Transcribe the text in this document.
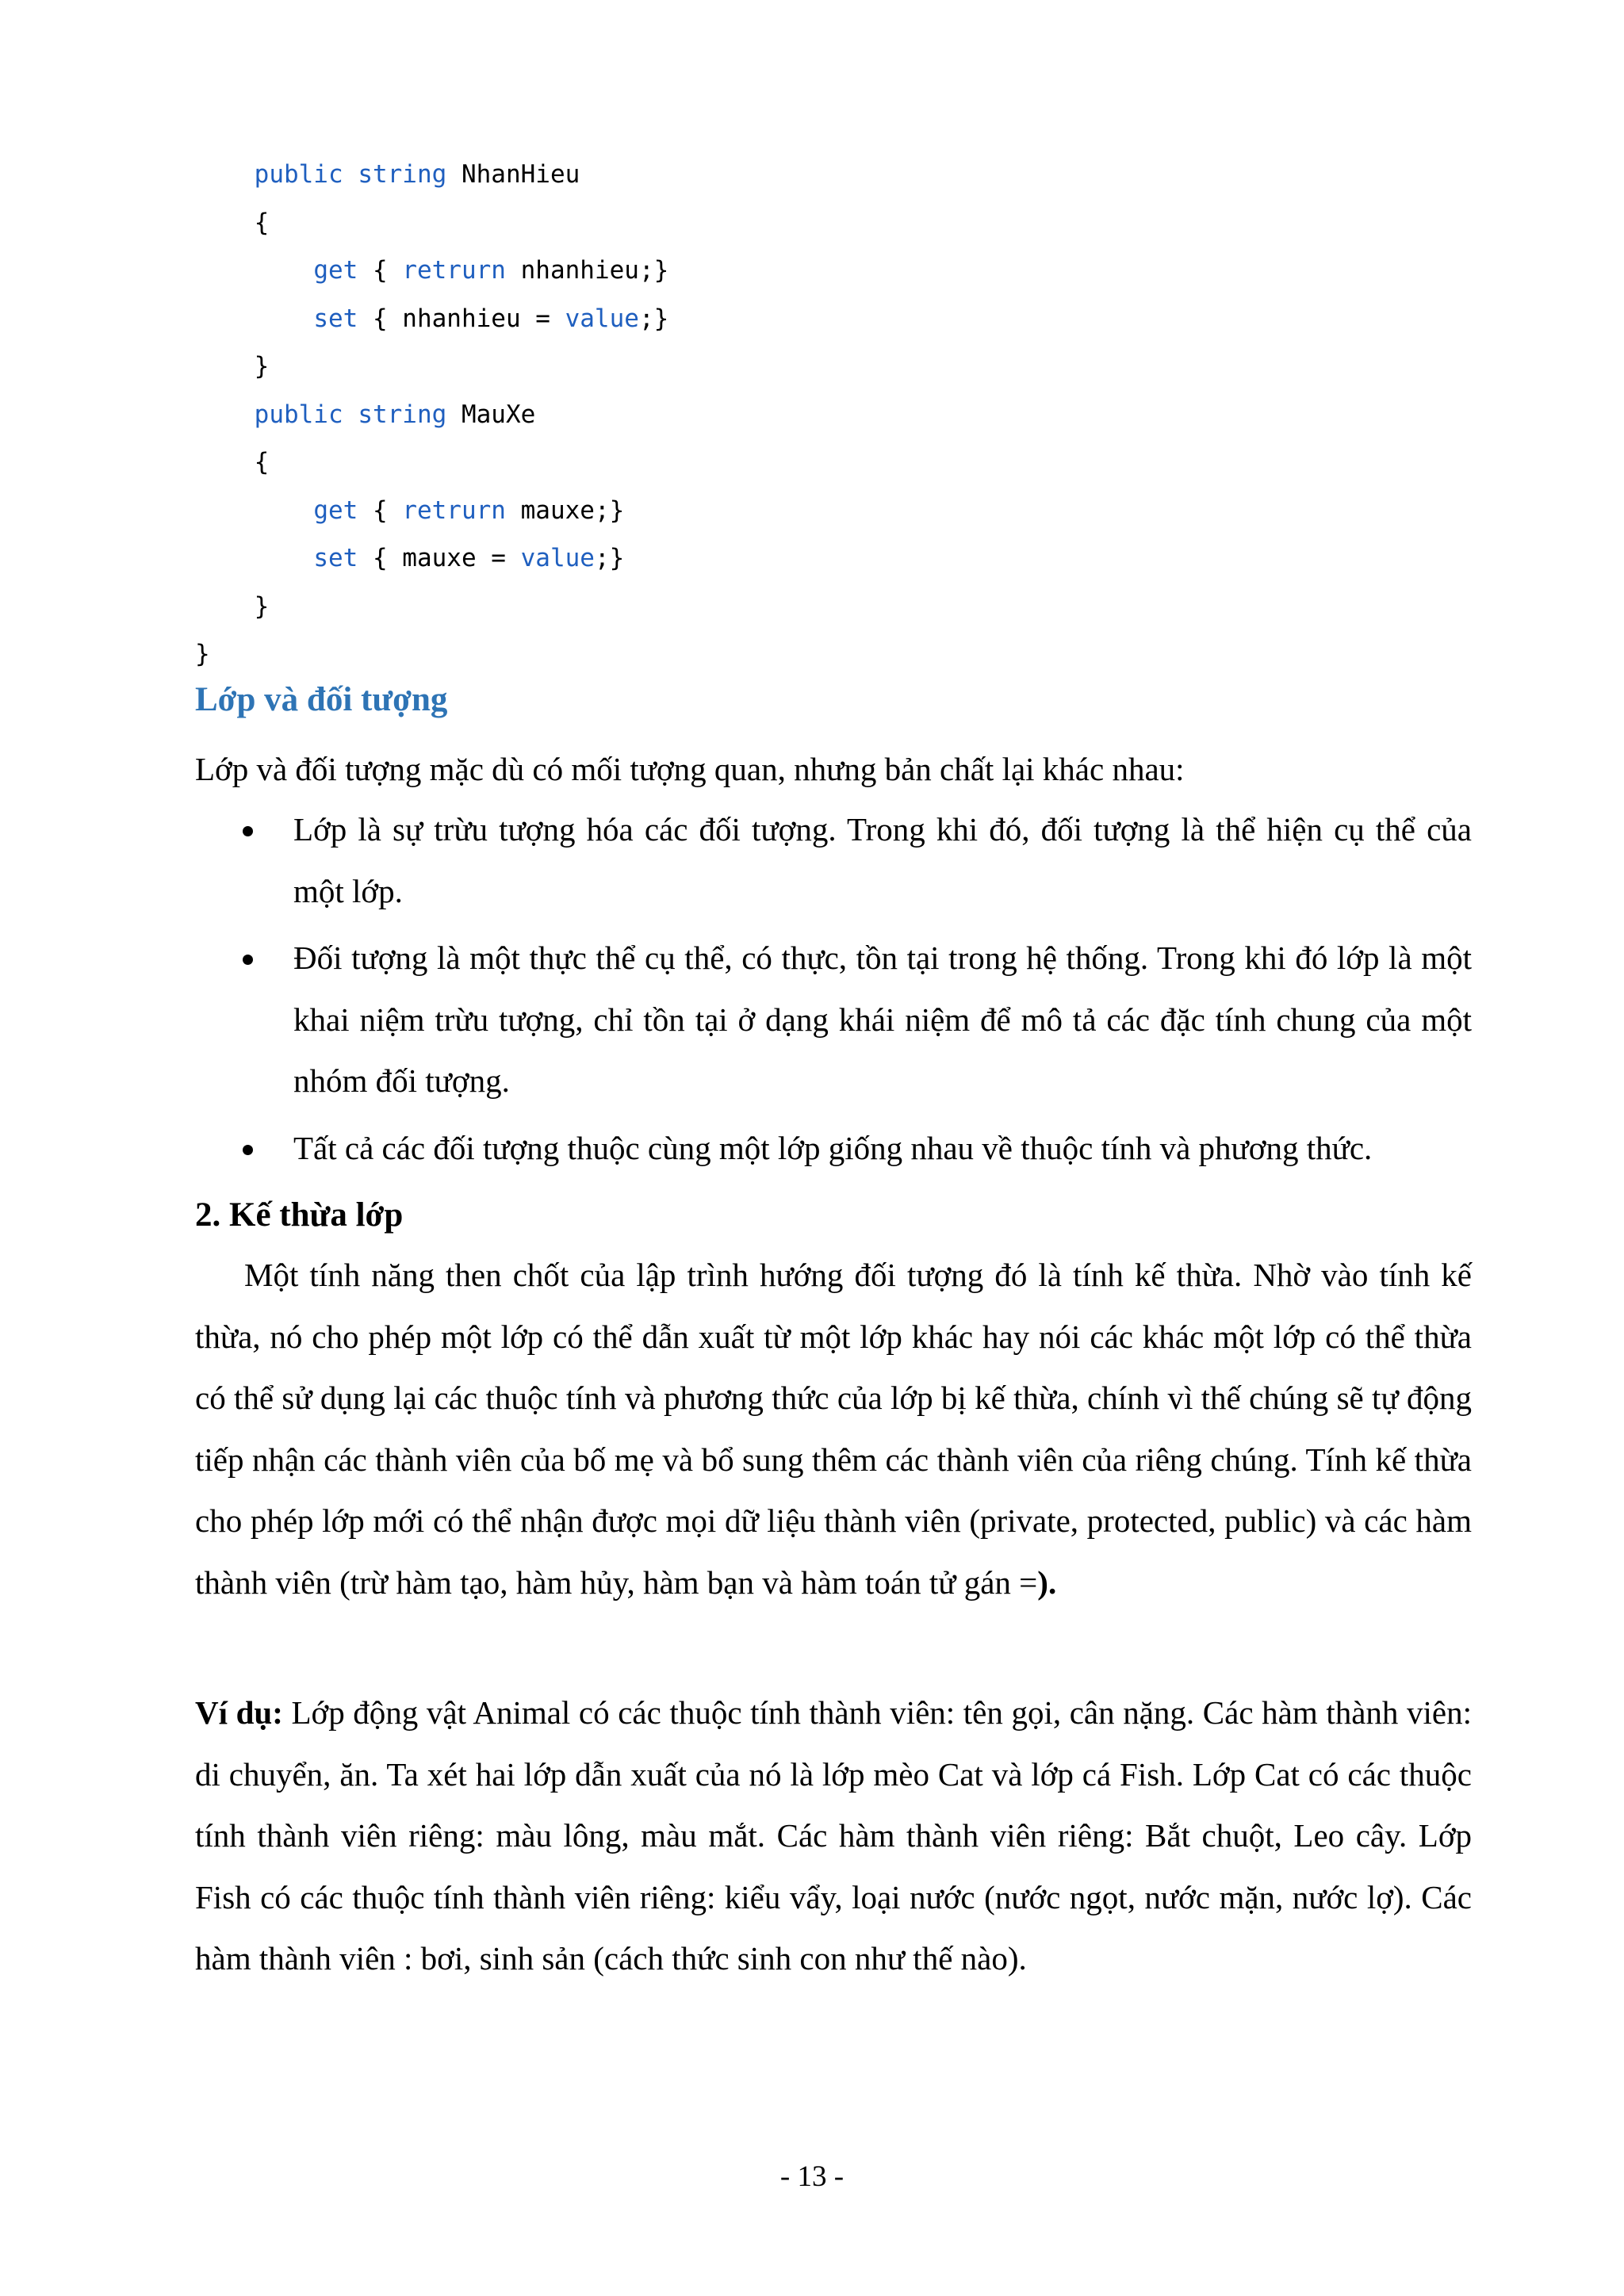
public string NhanHieu
{
get { retrurn nhanhieu;}
set { nhanhieu = value;}
}
public string MauXe
{
get { retrurn mauxe;}
set { mauxe = value;}
}
}
Lớp và đối tượng
Lớp và đối tượng mặc dù có mối tượng quan, nhưng bản chất lại khác nhau:
Lớp là sự trừu tượng hóa các đối tượng. Trong khi đó, đối tượng là thể hiện cụ thể của một lớp.
Đối tượng là một thực thể cụ thể, có thực, tồn tại trong hệ thống. Trong khi đó lớp là một khai niệm trừu tượng, chỉ tồn tại ở dạng khái niệm để mô tả các đặc tính chung của một nhóm đối tượng.
Tất cả các đối tượng thuộc cùng một lớp giống nhau về thuộc tính và phương thức.
2. Kế thừa lớp
Một tính năng then chốt của lập trình hướng đối tượng đó là tính kế thừa. Nhờ vào tính kế thừa, nó cho phép một lớp có thể dẫn xuất từ một lớp khác hay nói các khác một lớp có thể thừa có thể sử dụng lại các thuộc tính và phương thức của lớp bị kế thừa, chính vì thế chúng sẽ tự động tiếp nhận các thành viên của bố mẹ và bổ sung thêm các thành viên của riêng chúng. Tính kế thừa cho phép lớp mới có thể nhận được mọi dữ liệu thành viên (private, protected, public) và các hàm thành viên (trừ hàm tạo, hàm hủy, hàm bạn và hàm toán tử gán =).
Ví dụ: Lớp động vật Animal có các thuộc tính thành viên: tên gọi, cân nặng. Các hàm thành viên: di chuyển, ăn. Ta xét hai lớp dẫn xuất của nó là lớp mèo Cat và lớp cá Fish. Lớp Cat có các thuộc tính thành viên riêng: màu lông, màu mắt. Các hàm thành viên riêng: Bắt chuột, Leo cây. Lớp Fish có các thuộc tính thành viên riêng: kiểu vẩy, loại nước (nước ngọt, nước mặn, nước lợ). Các hàm thành viên : bơi, sinh sản (cách thức sinh con như thế nào).
- 13 -
